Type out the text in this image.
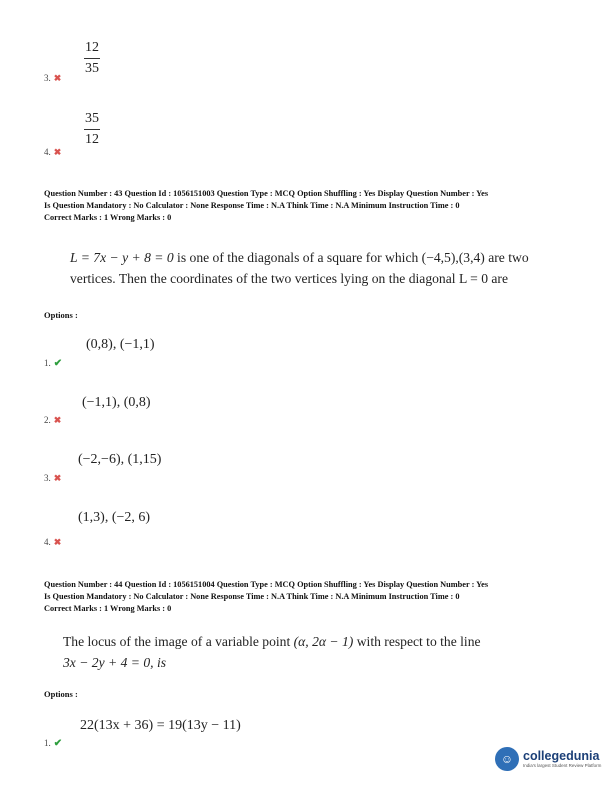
12
35
3. ✖
35
12
4. ✖
Question Number : 43 Question Id : 1056151003 Question Type : MCQ Option Shuffling : Yes Display Question Number : Yes
Is Question Mandatory : No Calculator : None Response Time : N.A Think Time : N.A Minimum Instruction Time : 0
Correct Marks : 1 Wrong Marks : 0
L = 7x − y + 8 = 0 is one of the diagonals of a square for which (−4,5),(3,4) are two
vertices. Then the coordinates of the two vertices lying on the diagonal L = 0 are
Options :
(0,8), (−1,1)
1. ✔
(−1,1), (0,8)
2. ✖
(−2,−6), (1,15)
3. ✖
(1,3), (−2, 6)
4. ✖
Question Number : 44 Question Id : 1056151004 Question Type : MCQ Option Shuffling : Yes Display Question Number : Yes
Is Question Mandatory : No Calculator : None Response Time : N.A Think Time : N.A Minimum Instruction Time : 0
Correct Marks : 1 Wrong Marks : 0
The locus of the image of a variable point (α, 2α − 1) with respect to the line
3x − 2y + 4 = 0, is
Options :
22(13x + 36) = 19(13y − 11)
1. ✔
☺ collegedunia
India's largest Student Review Platform
